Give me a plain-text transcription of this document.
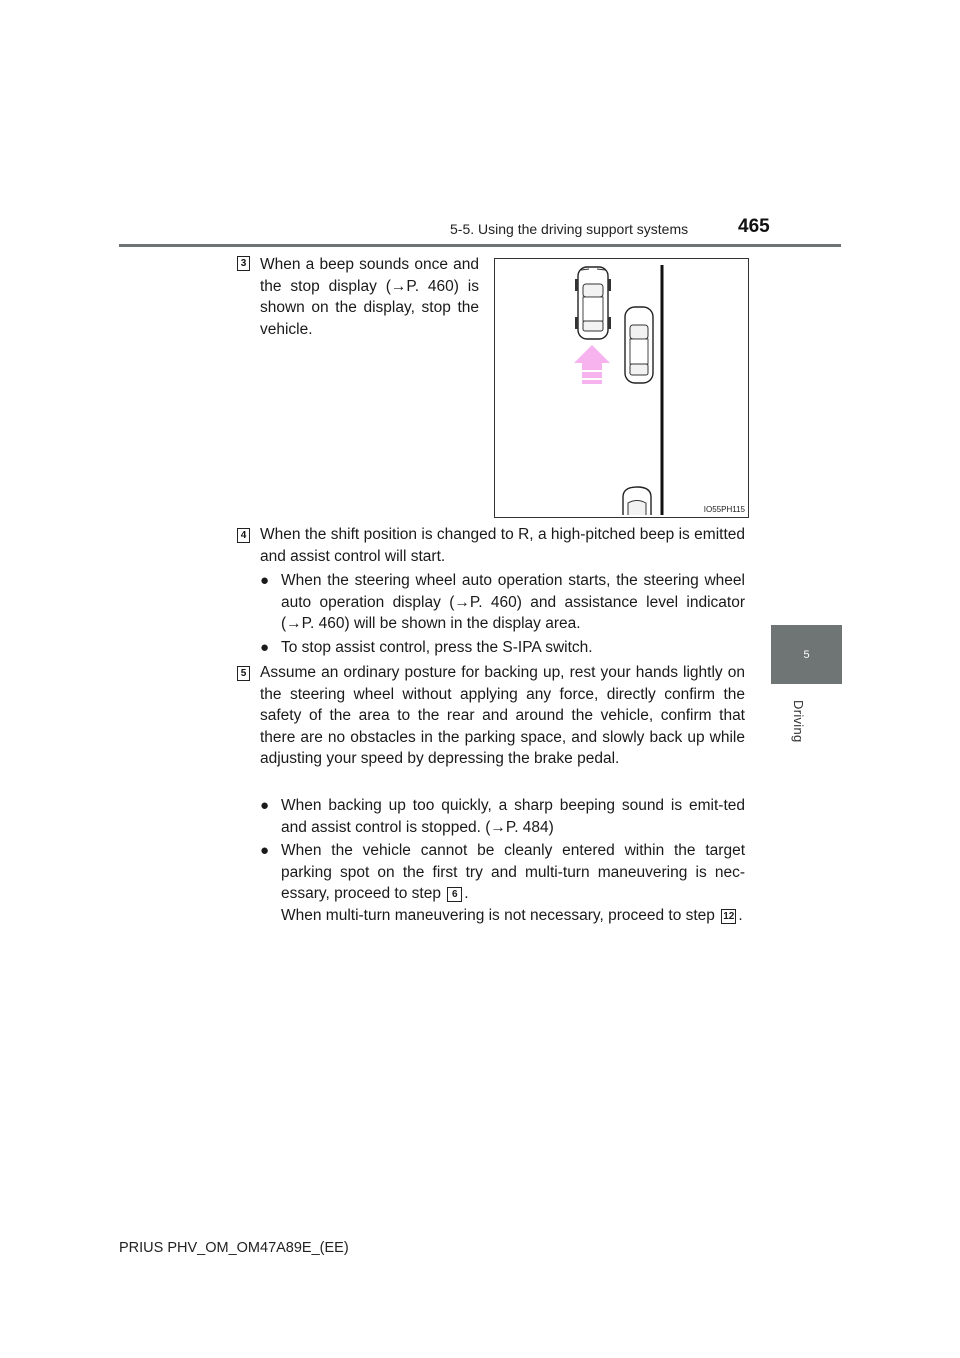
5-5. Using the driving support systems	465
5
Driving
3 When a beep sounds once and the stop display (→P. 460) is shown on the display, stop the vehicle.

IO55PH115
4 When the shift position is changed to R, a high-pitched beep is emitted and assist control will start.

● When the steering wheel auto operation starts, the steering wheel auto operation display (→P. 460) and assistance level indicator (→P. 460) will be shown in the display area.
● To stop assist control, press the S-IPA switch.
5 Assume an ordinary posture for backing up, rest your hands lightly on the steering wheel without applying any force, directly confirm the safety of the area to the rear and around the vehicle, confirm that there are no obstacles in the parking space, and slowly back up while adjusting your speed by depressing the brake pedal.

● When backing up too quickly, a sharp beeping sound is emit-ted and assist control is stopped. (→P. 484)
● When the vehicle cannot be cleanly entered within the target parking spot on the first try and multi-turn maneuvering is nec-essary, proceed to step 6 .
When multi-turn maneuvering is not necessary, proceed to step 12 .
PRIUS PHV_OM_OM47A89E_(EE)
